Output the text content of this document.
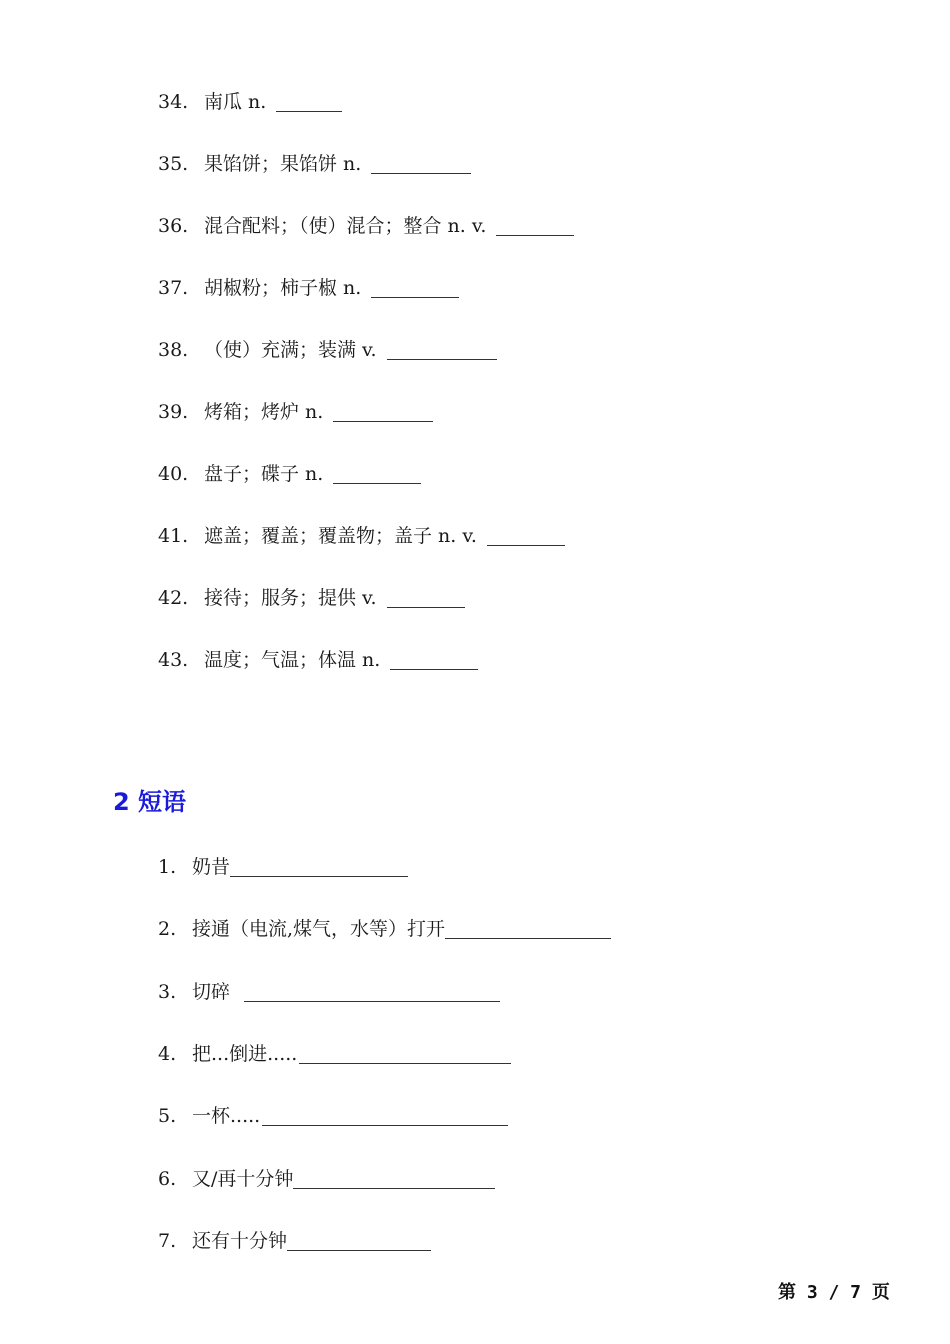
34. 南瓜 n.
35. 果馅饼；果馅饼 n.
36. 混合配料；（使）混合；整合 n. v.
37. 胡椒粉；柿子椒 n.
38. （使）充满；装满 v.
39. 烤箱；烤炉 n.
40. 盘子；碟子 n.
41. 遮盖；覆盖；覆盖物；盖子 n. v.
42. 接待；服务；提供 v.
43. 温度；气温；体温 n.
2 短语
1. 奶昔
2. 接通（电流,煤气，水等）打开
3. 切碎
4. 把...倒进.....
5. 一杯.....
6. 又/再十分钟
7. 还有十分钟
第 3 / 7 页
